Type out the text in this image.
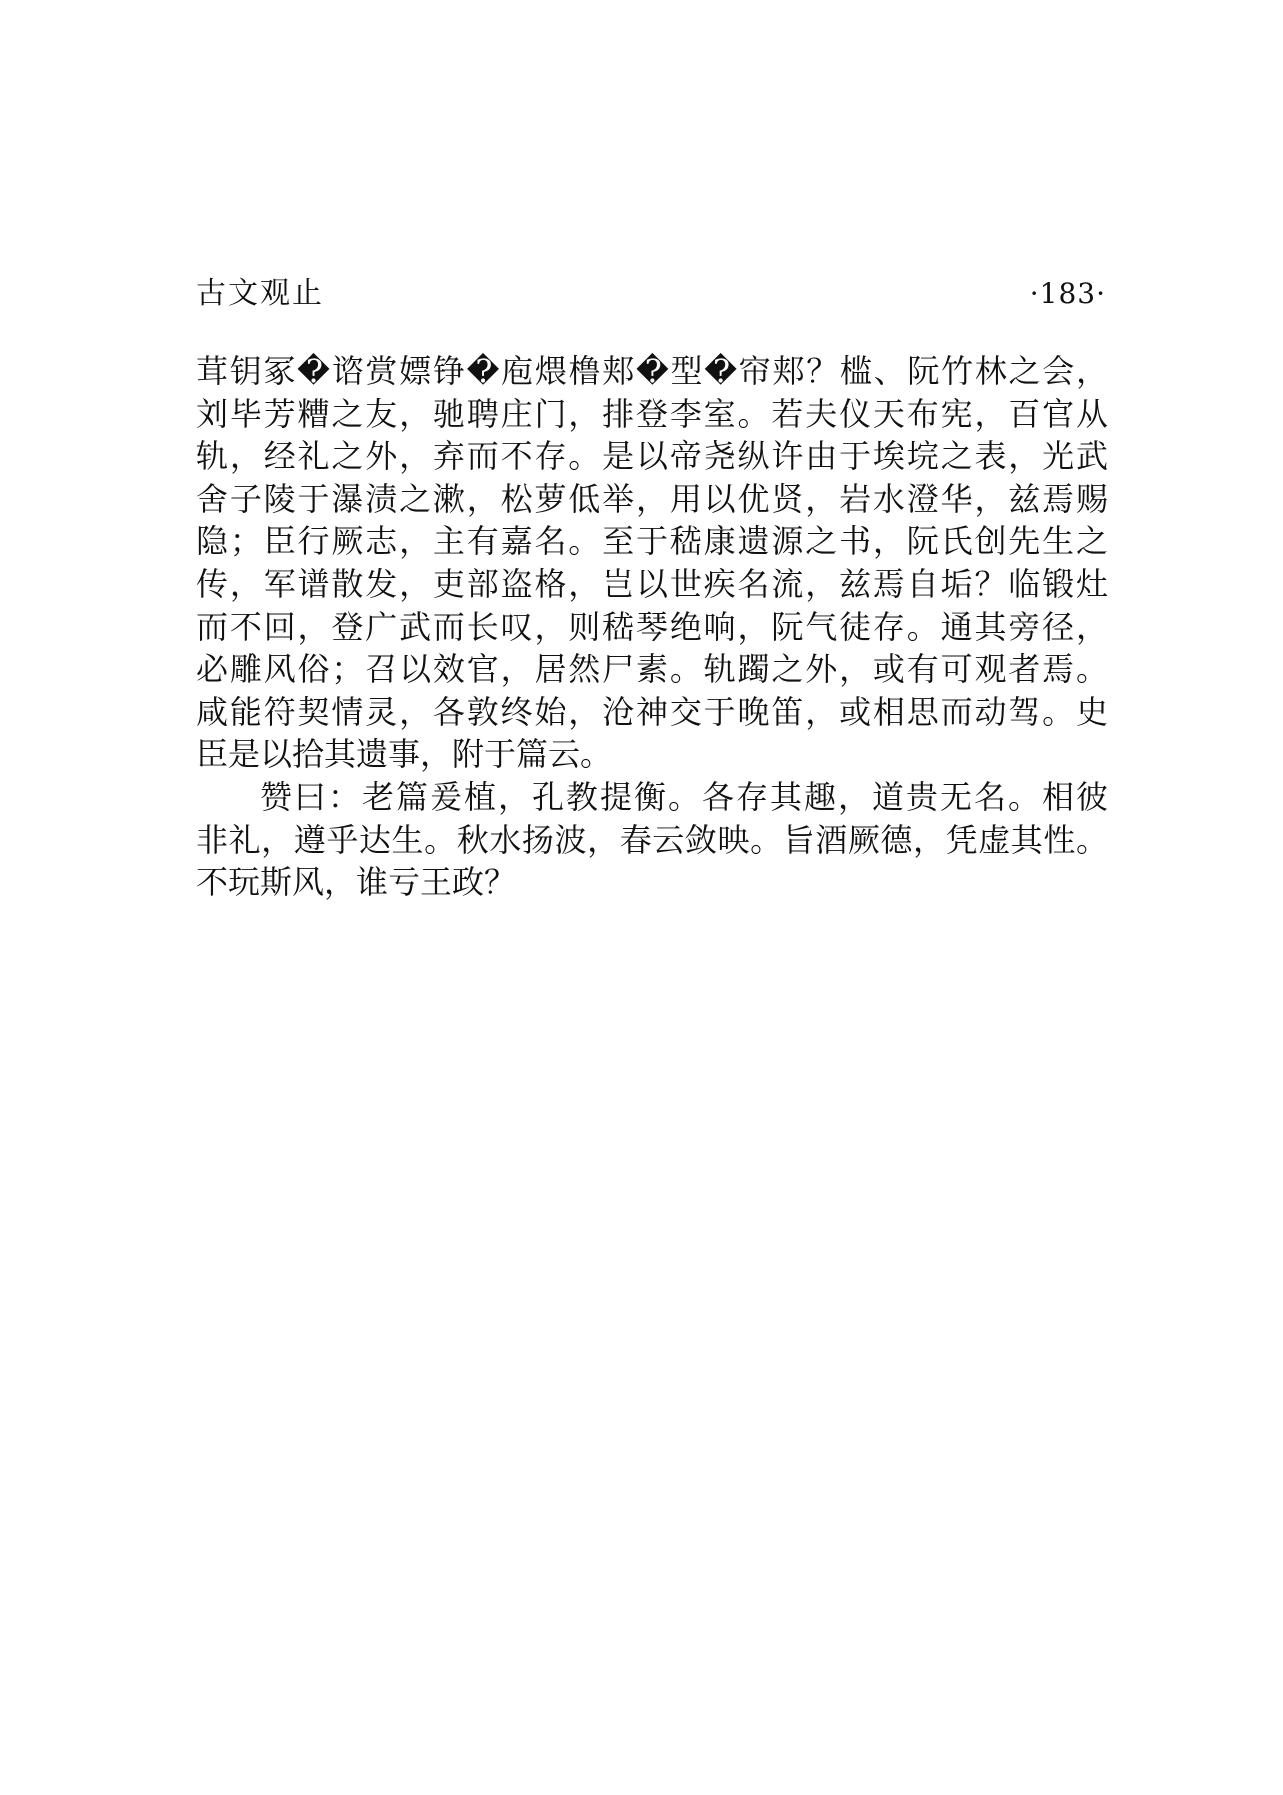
古文观止	·183·
茸钥冢�谘赏嫖铮�庖煨橹郏�型�帘郏？槛、阮竹林之会，
刘毕芳糟之友，驰聘庄门，排登李室。若夫仪天布宪，百官从
轨，经礼之外，弃而不存。是以帝尧纵许由于埃垸之表，光武
舍子陵于瀑渍之漱，松萝低举，用以优贤，岩水澄华，兹焉赐
隐；臣行厥志，主有嘉名。至于嵇康遗源之书，阮氏创先生之
传，军谱散发，吏部盗格，岂以世疾名流，兹焉自垢？临锻灶
而不回，登广武而长叹，则嵇琴绝响，阮气徒存。通其旁径，
必雕风俗；召以效官，居然尸素。轨躅之外，或有可观者焉。
咸能符契情灵，各敦终始，沧神交于晚笛，或相思而动驾。史
臣是以拾其遗事，附于篇云。
赞曰：老篇爰植，孔教提衡。各存其趣，道贵无名。相彼
非礼，遵乎达生。秋水扬波，春云敛映。旨酒厥德，凭虚其性。
不玩斯风，谁亏王政？
